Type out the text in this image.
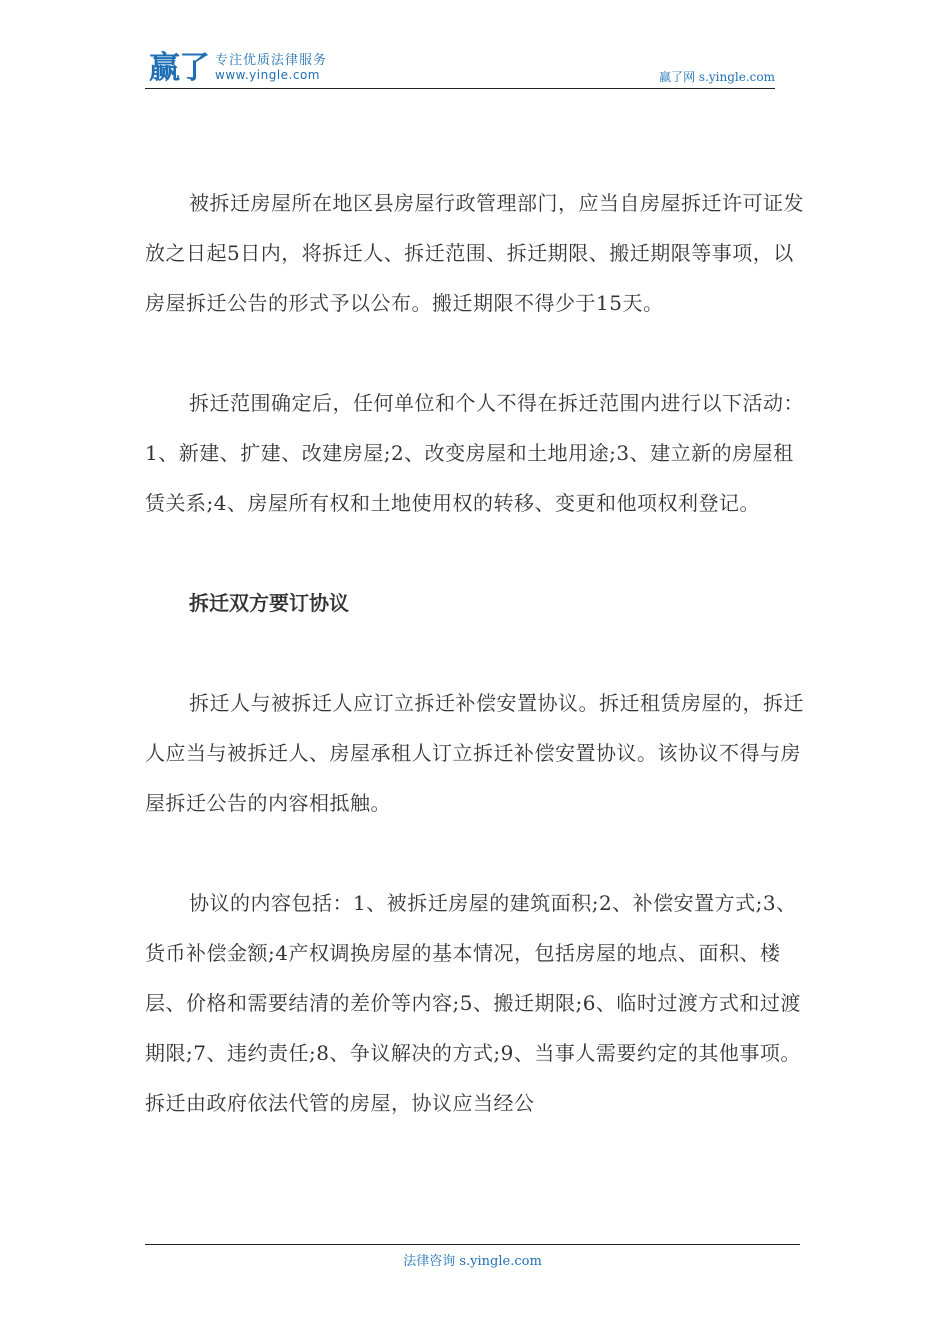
赢了 专注优质法律服务
www.yingle.com	赢了网 s.yingle.com

被拆迁房屋所在地区县房屋行政管理部门，应当自房屋拆迁许可证发放之日起5日内，将拆迁人、拆迁范围、拆迁期限、搬迁期限等事项，以房屋拆迁公告的形式予以公布。搬迁期限不得少于15天。

拆迁范围确定后，任何单位和个人不得在拆迁范围内进行以下活动：1、新建、扩建、改建房屋;2、改变房屋和土地用途;3、建立新的房屋租赁关系;4、房屋所有权和土地使用权的转移、变更和他项权利登记。

拆迁双方要订协议

拆迁人与被拆迁人应订立拆迁补偿安置协议。拆迁租赁房屋的，拆迁人应当与被拆迁人、房屋承租人订立拆迁补偿安置协议。该协议不得与房屋拆迁公告的内容相抵触。

协议的内容包括：1、被拆迁房屋的建筑面积;2、补偿安置方式;3、货币补偿金额;4产权调换房屋的基本情况，包括房屋的地点、面积、楼层、价格和需要结清的差价等内容;5、搬迁期限;6、临时过渡方式和过渡期限;7、违约责任;8、争议解决的方式;9、当事人需要约定的其他事项。拆迁由政府依法代管的房屋，协议应当经公

法律咨询 s.yingle.com
